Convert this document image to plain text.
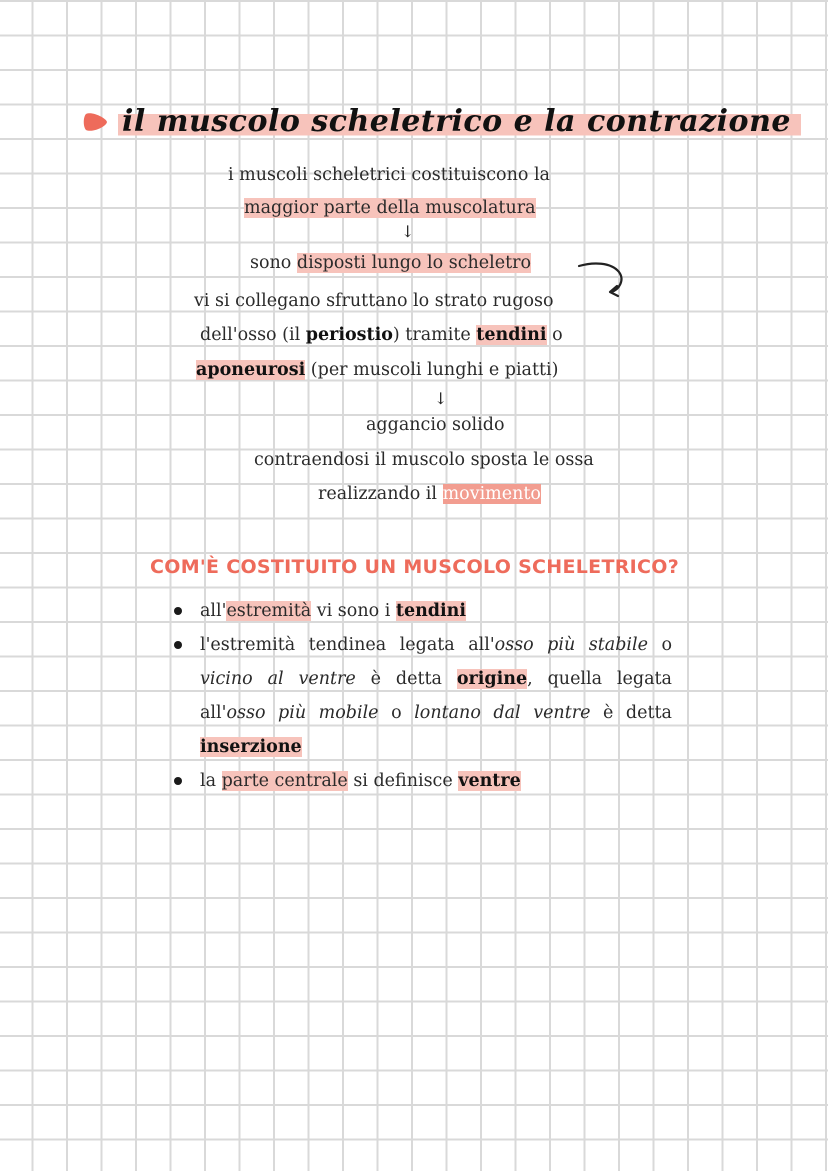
il muscolo scheletrico e la contrazione
i muscoli scheletrici costituiscono la
maggior parte della muscolatura
↓
sono disposti lungo lo scheletro
vi si collegano sfruttano lo strato rugoso
dell'osso (il periostio) tramite tendini o
aponeurosi (per muscoli lunghi e piatti)
↓
aggancio solido
contraendosi il muscolo sposta le ossa
realizzando il movimento
COM'È COSTITUITO UN MUSCOLO SCHELETRICO?
all'estremità vi sono i tendini
l'estremità tendinea legata all'osso più stabile o vicino al ventre è detta origine, quella legata all'osso più mobile o lontano dal ventre è detta inserzione
la parte centrale si definisce ventre
